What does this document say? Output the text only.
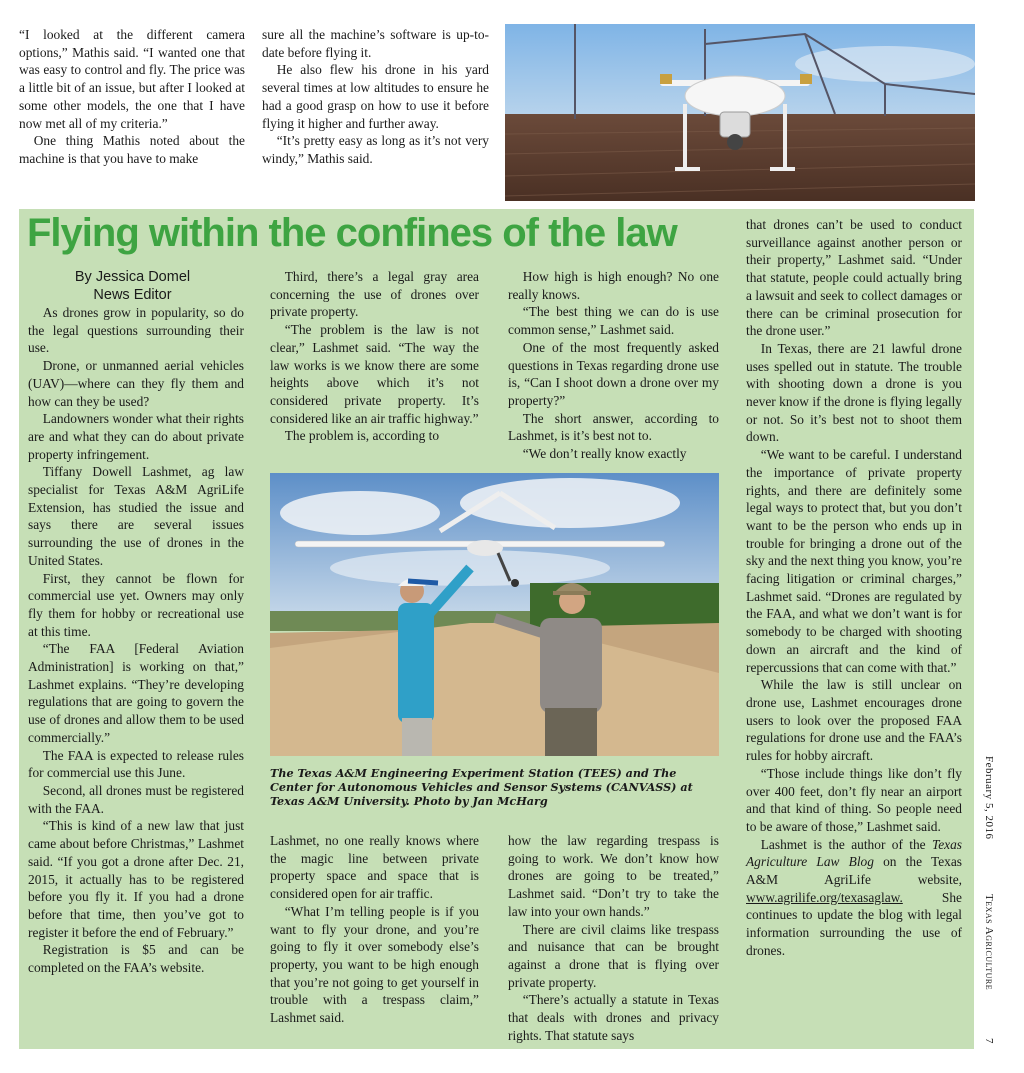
“I looked at the different camera options,” Mathis said. “I wanted one that was easy to control and fly. The price was a little bit of an issue, but after I looked at some other models, the one that I have now met all of my criteria.”

One thing Mathis noted about the machine is that you have to make

sure all the machine’s software is up-to-date before flying it.

He also flew his drone in his yard several times at low altitudes to ensure he had a good grasp on how to use it before flying it higher and further away.

“It’s pretty easy as long as it’s not very windy,” Mathis said.

Flying within the confines of the law
By Jessica Domel
News Editor

As drones grow in popularity, so do the legal questions surrounding their use.

Drone, or unmanned aerial vehicles (UAV)—where can they fly them and how can they be used?

Landowners wonder what their rights are and what they can do about private property infringement.

Tiffany Dowell Lashmet, ag law specialist for Texas A&M AgriLife Extension, has studied the issue and says there are several issues surrounding the use of drones in the United States.

First, they cannot be flown for commercial use yet. Owners may only fly them for hobby or recreational use at this time.

“The FAA [Federal Aviation Administration] is working on that,” Lashmet explains. “They’re developing regulations that are going to govern the use of drones and allow them to be used commercially.”

The FAA is expected to release rules for commercial use this June.

Second, all drones must be registered with the FAA.

“This is kind of a new law that just came about before Christmas,” Lashmet said. “If you got a drone after Dec. 21, 2015, it actually has to be registered before you fly it. If you had a drone before that time, then you’ve got to register it before the end of February.”

Registration is $5 and can be completed on the FAA’s website.

Third, there’s a legal gray area concerning the use of drones over private property.

“The problem is the law is not clear,” Lashmet said. “The way the law works is we know there are some heights above which it’s not considered private property. It’s considered like an air traffic highway.”

The problem is, according to

How high is high enough? No one really knows.

“The best thing we can do is use common sense,” Lashmet said.

One of the most frequently asked questions in Texas regarding drone use is, “Can I shoot down a drone over my property?”

The short answer, according to Lashmet, is it’s best not to.

“We don’t really know exactly

The Texas A&M Engineering Experiment Station (TEES) and The Center for Autonomous Vehicles and Sensor Systems (CANVASS) at Texas A&M University. Photo by Jan McHarg

Lashmet, no one really knows where the magic line between private property space and space that is considered open for air traffic.

“What I’m telling people is if you want to fly your drone, and you’re going to fly it over somebody else’s property, you want to be high enough that you’re not going to get yourself in trouble with a trespass claim,” Lashmet said.

how the law regarding trespass is going to work. We don’t know how drones are going to be treated,” Lashmet said. “Don’t try to take the law into your own hands.”

There are civil claims like trespass and nuisance that can be brought against a drone that is flying over private property.

“There’s actually a statute in Texas that deals with drones and privacy rights. That statute says

that drones can’t be used to conduct surveillance against another person or their property,” Lashmet said. “Under that statute, people could actually bring a lawsuit and seek to collect damages or there can be criminal prosecution for the drone user.”

In Texas, there are 21 lawful drone uses spelled out in statute. The trouble with shooting down a drone is you never know if the drone is flying legally or not. So it’s best not to shoot them down.

“We want to be careful. I understand the importance of private property rights, and there are definitely some legal ways to protect that, but you don’t want to be the person who ends up in trouble for bringing a drone out of the sky and the next thing you know, you’re facing litigation or criminal charges,” Lashmet said. “Drones are regulated by the FAA, and what we don’t want is for somebody to be charged with shooting down an aircraft and the kind of repercussions that can come with that.”

While the law is still unclear on drone use, Lashmet encourages drone users to look over the proposed FAA regulations for drone use and the FAA’s rules for hobby aircraft.

“Those include things like don’t fly over 400 feet, don’t fly near an airport and that kind of thing. So people need to be aware of those,” Lashmet said.

Lashmet is the author of the Texas Agriculture Law Blog on the Texas A&M AgriLife website, www.agrilife.org/texasaglaw. She continues to update the blog with legal information surrounding the use of drones.

February 5, 2016
Texas Agriculture
7
